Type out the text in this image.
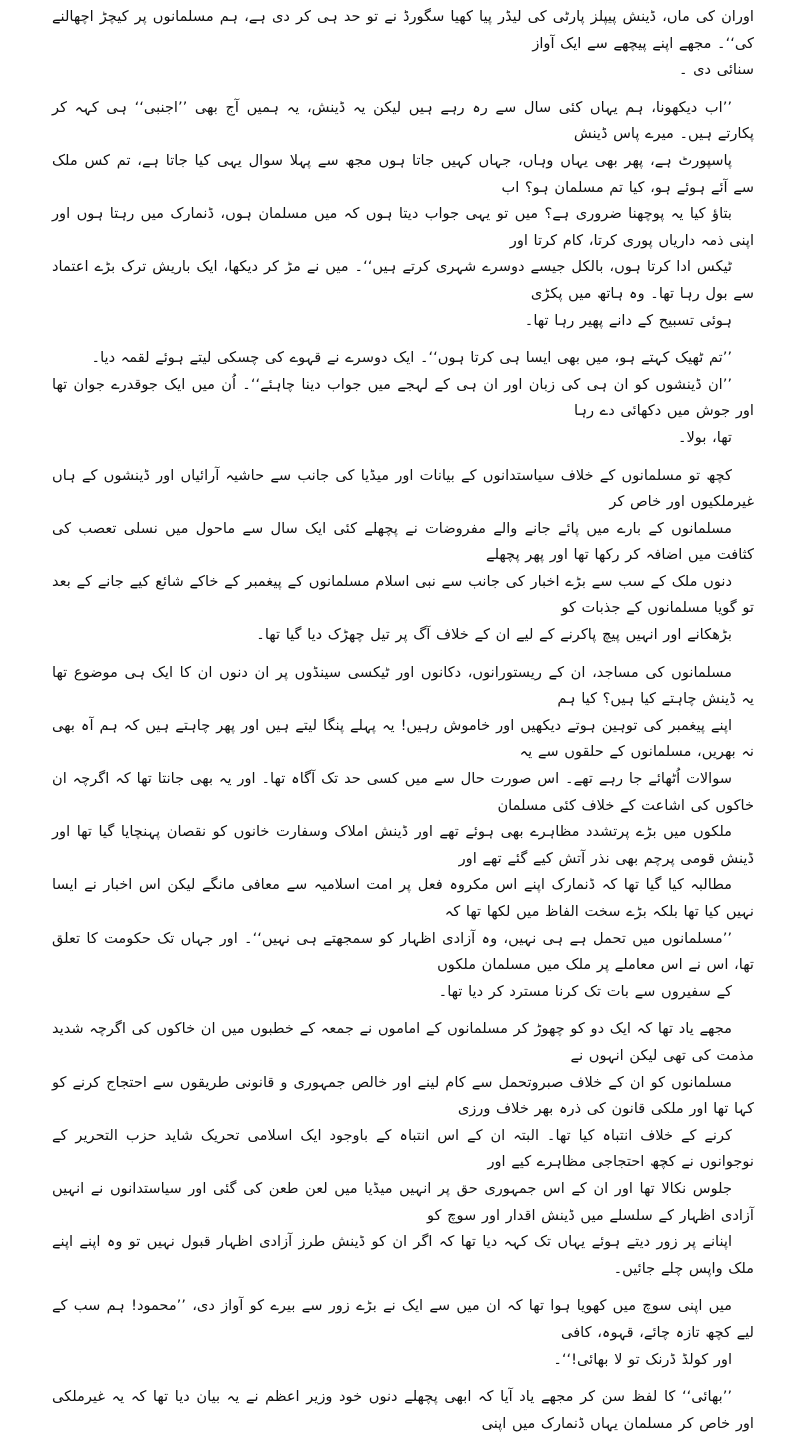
اوران کی ماں، ڈینش پیپلز پارٹی کی لیڈر پیا کھیا سگورڈ نے تو حد ہی کر دی ہے، ہم مسلمانوں پر کیچڑ اچھالنے کی‘‘۔ مجھے اپنے پیچھے سے ایک آواز
سنائی دی ۔

’’اب دیکھونا، ہم یہاں کئی سال سے رہ رہے ہیں لیکن یہ ڈینش، یہ ہمیں آج بھی ’’اجنبی‘‘ ہی کہہ کر پکارتے ہیں۔ میرے پاس ڈینش
پاسپورٹ ہے، پھر بھی یہاں وہاں، جہاں کہیں جاتا ہوں مجھ سے پہلا سوال یہی کیا جاتا ہے، تم کس ملک سے آئے ہوئے ہو، کیا تم مسلمان ہو؟ اب
بتاؤ کیا یہ پوچھنا ضروری ہے؟ میں تو یہی جواب دیتا ہوں کہ میں مسلمان ہوں، ڈنمارک میں رہتا ہوں اور اپنی ذمہ داریاں پوری کرتا، کام کرتا اور
ٹیکس ادا کرتا ہوں، بالکل جیسے دوسرے شہری کرتے ہیں‘‘۔ میں نے مڑ کر دیکھا، ایک باریش ترک بڑے اعتماد سے بول رہا تھا۔ وہ ہاتھ میں پکڑی
ہوئی تسبیح کے دانے پھیر رہا تھا۔

’’تم ٹھیک کہتے ہو، میں بھی ایسا ہی کرتا ہوں‘‘۔ ایک دوسرے نے قہوے کی چسکی لیتے ہوئے لقمہ دیا۔
’’ان ڈینشوں کو ان ہی کی زبان اور ان ہی کے لہجے میں جواب دینا چاہئے‘‘۔ اُن میں ایک جوقدرے جوان تھا اور جوش میں دکھائی دے رہا
تھا، بولا۔

کچھ تو مسلمانوں کے خلاف سیاستدانوں کے بیانات اور میڈیا کی جانب سے حاشیہ آرائیاں اور ڈینشوں کے ہاں غیرملکیوں اور خاص کر
مسلمانوں کے بارے میں پائے جانے والے مفروضات نے پچھلے کئی ایک سال سے ماحول میں نسلی تعصب کی کثافت میں اضافہ کر رکھا تھا اور پھر پچھلے
دنوں ملک کے سب سے بڑے اخبار کی جانب سے نبی اسلام مسلمانوں کے پیغمبر کے خاکے شائع کیے جانے کے بعد تو گویا مسلمانوں کے جذبات کو
بڑھکانے اور انہیں پیچ پاکرنے کے لیے ان کے خلاف آگ پر تیل چھڑک دیا گیا تھا۔

مسلمانوں کی مساجد، ان کے ریستورانوں، دکانوں اور ٹیکسی سینڈوں پر ان دنوں ان کا ایک ہی موضوع تھا یہ ڈینش چاہتے کیا ہیں؟ کیا ہم
اپنے پیغمبر کی توہین ہوتے دیکھیں اور خاموش رہیں! یہ پہلے پنگا لیتے ہیں اور پھر چاہتے ہیں کہ ہم آہ بھی نہ بھریں، مسلمانوں کے حلقوں سے یہ
سوالات اُٹھائے جا رہے تھے۔ اس صورت حال سے میں کسی حد تک آگاہ تھا۔ اور یہ بھی جانتا تھا کہ اگرچہ ان خاکوں کی اشاعت کے خلاف کئی مسلمان
ملکوں میں بڑے پرتشدد مظاہرے بھی ہوئے تھے اور ڈینش املاک وسفارت خانوں کو نقصان پہنچایا گیا تھا اور ڈینش قومی پرچم بھی نذر آتش کیے گئے تھے اور
مطالبہ کیا گیا تھا کہ ڈنمارک اپنے اس مکروہ فعل پر امت اسلامیہ سے معافی مانگے لیکن اس اخبار نے ایسا نہیں کیا تھا بلکہ بڑے سخت الفاظ میں لکھا تھا کہ
’’مسلمانوں میں تحمل ہے ہی نہیں، وہ آزادی اظہار کو سمجھتے ہی نہیں‘‘۔ اور جہاں تک حکومت کا تعلق تھا، اس نے اس معاملے پر ملک میں مسلمان ملکوں
کے سفیروں سے بات تک کرنا مسترد کر دیا تھا۔

مجھے یاد تھا کہ ایک دو کو چھوڑ کر مسلمانوں کے اماموں نے جمعہ کے خطبوں میں ان خاکوں کی اگرچہ شدید مذمت کی تھی لیکن انہوں نے
مسلمانوں کو ان کے خلاف صبروتحمل سے کام لینے اور خالص جمہوری و قانونی طریقوں سے احتجاج کرنے کو کہا تھا اور ملکی قانون کی ذرہ بھر خلاف ورزی
کرنے کے خلاف انتباہ کیا تھا۔ البتہ ان کے اس انتباہ کے باوجود ایک اسلامی تحریک شاید حزب التحریر کے نوجوانوں نے کچھ احتجاجی مظاہرے کیے اور
جلوس نکالا تھا اور ان کے اس جمہوری حق پر انہیں میڈیا میں لعن طعن کی گئی اور سیاستدانوں نے انہیں آزادی اظہار کے سلسلے میں ڈینش اقدار اور سوچ کو
اپنانے پر زور دیتے ہوئے یہاں تک کہہ دیا تھا کہ اگر ان کو ڈینش طرز آزادی اظہار قبول نہیں تو وہ اپنے اپنے ملک واپس چلے جائیں۔

میں اپنی سوچ میں کھویا ہوا تھا کہ ان میں سے ایک نے بڑے زور سے بیرے کو آواز دی، ’’محمود! ہم سب کے لیے کچھ تازہ چائے، قہوہ، کافی
اور کولڈ ڈرنک تو لا بھائی!‘‘۔

’’بھائی‘‘ کا لفظ سن کر مجھے یاد آیا کہ ابھی پچھلے دنوں خود وزیر اعظم نے یہ بیان دیا تھا کہ یہ غیرملکی اور خاص کر مسلمان یہاں ڈنمارک میں اپنی
